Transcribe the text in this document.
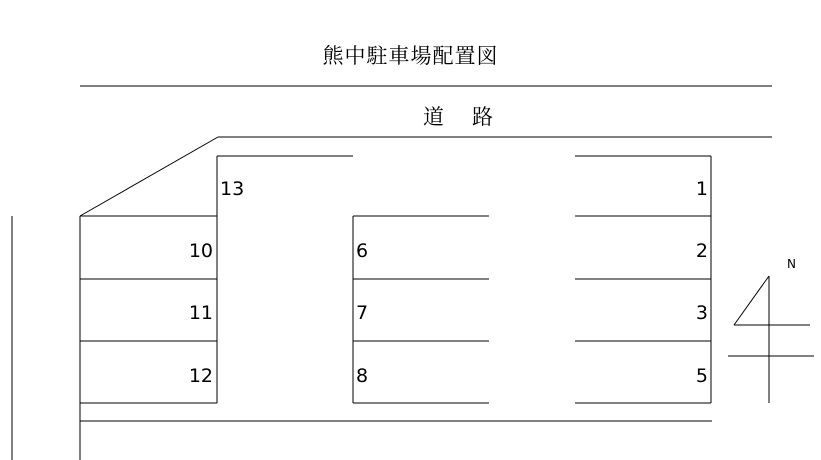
熊中駐車場配置図
道路
N
13
10
11
12
6
7
8
1
2
3
5
